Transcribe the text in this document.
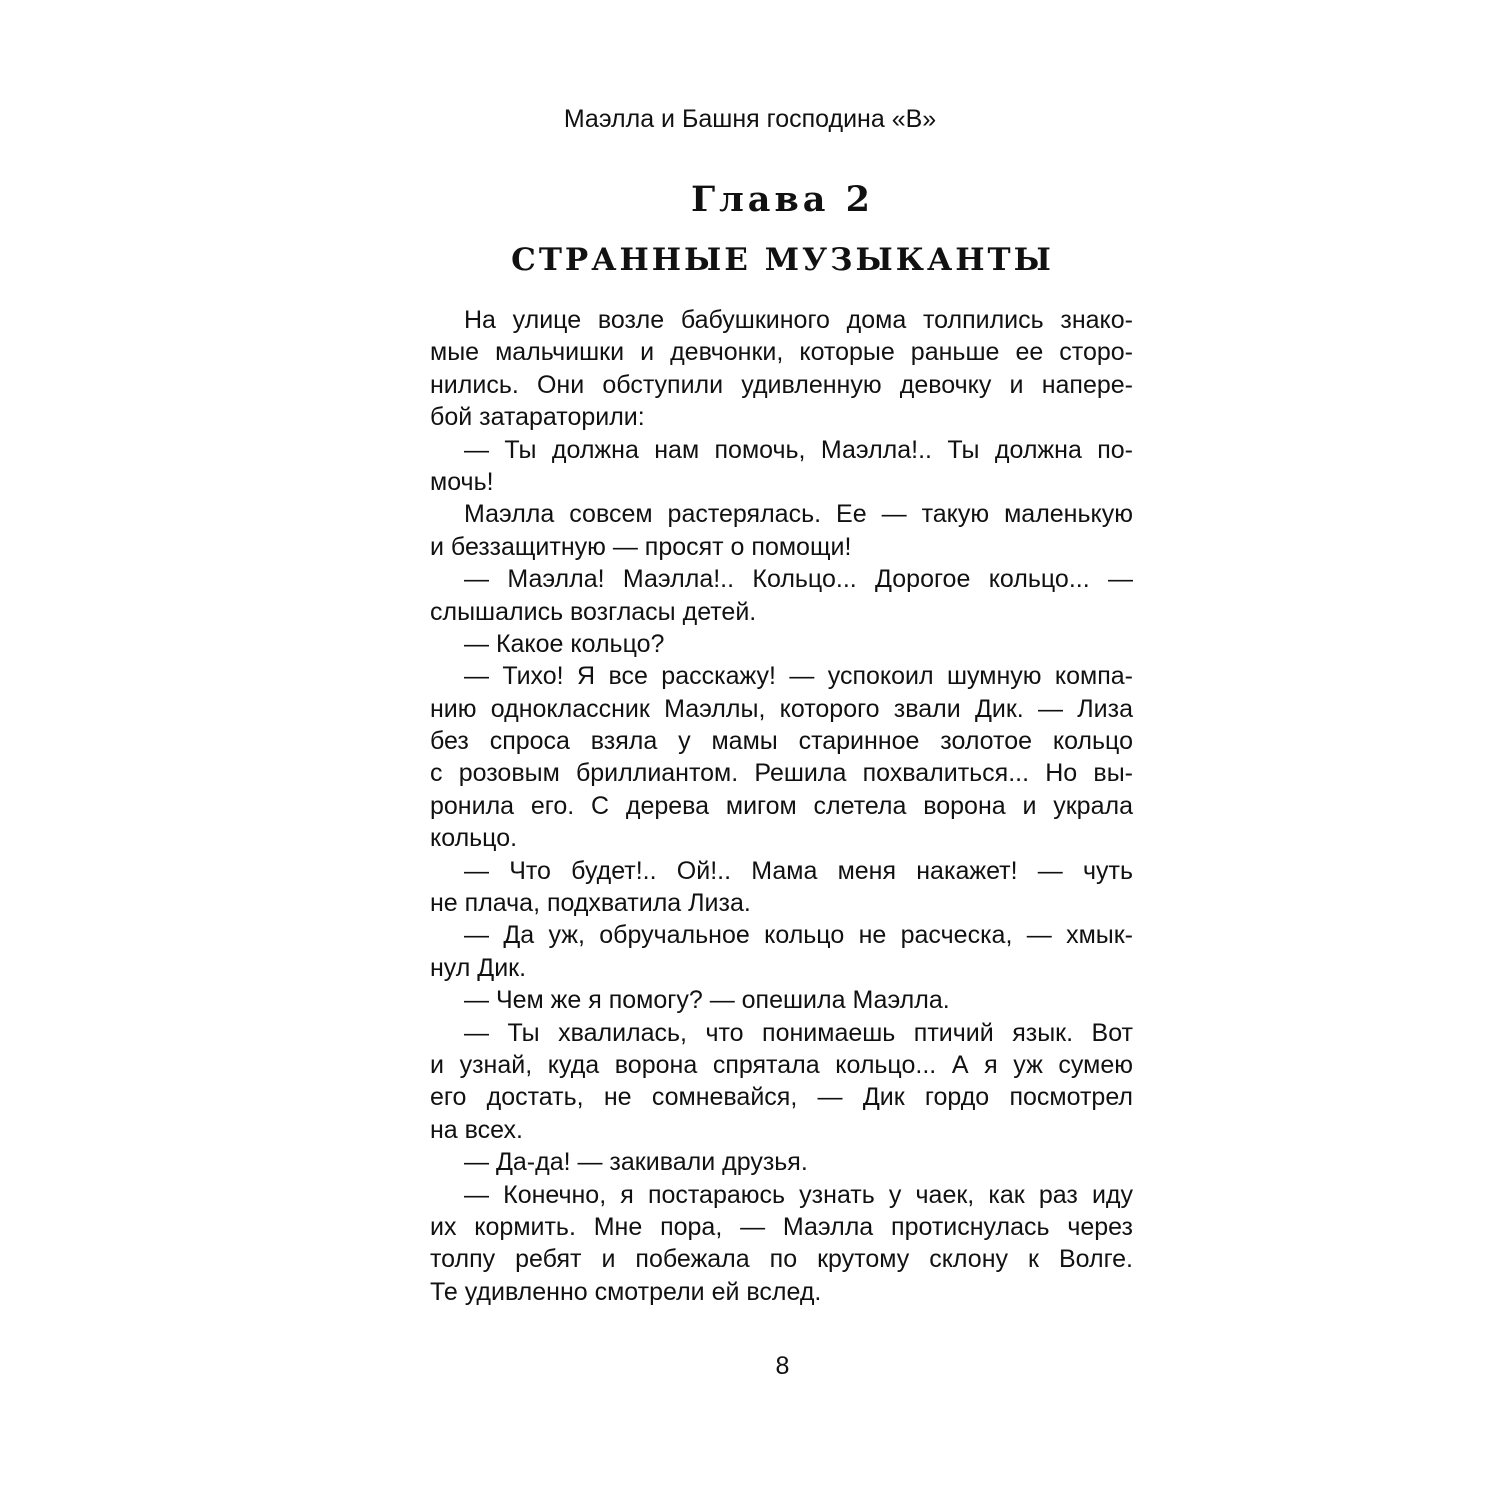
Маэлла и Башня господина «В»
Глава 2
СТРАННЫЕ МУЗЫКАНТЫ
На улице возле бабушкиного дома толпились знако-
мые мальчишки и девчонки, которые раньше ее сторо-
нились. Они обступили удивленную девочку и напере-
бой затараторили:
— Ты должна нам помочь, Маэлла!.. Ты должна по-
мочь!
Маэлла совсем растерялась. Ее — такую маленькую
и беззащитную — просят о помощи!
— Маэлла! Маэлла!.. Кольцо... Дорогое кольцо... —
слышались возгласы детей.
— Какое кольцо?
— Тихо! Я все расскажу! — успокоил шумную компа-
нию одноклассник Маэллы, которого звали Дик. — Лиза
без спроса взяла у мамы старинное золотое кольцо
с розовым бриллиантом. Решила похвалиться... Но вы-
ронила его. С дерева мигом слетела ворона и украла
кольцо.
— Что будет!.. Ой!.. Мама меня накажет! — чуть
не плача, подхватила Лиза.
— Да уж, обручальное кольцо не расческа, — хмык-
нул Дик.
— Чем же я помогу? — опешила Маэлла.
— Ты хвалилась, что понимаешь птичий язык. Вот
и узнай, куда ворона спрятала кольцо... А я уж сумею
его достать, не сомневайся, — Дик гордо посмотрел
на всех.
— Да-да! — закивали друзья.
— Конечно, я постараюсь узнать у чаек, как раз иду
их кормить. Мне пора, — Маэлла протиснулась через
толпу ребят и побежала по крутому склону к Волге.
Те удивленно смотрели ей вслед.
8
